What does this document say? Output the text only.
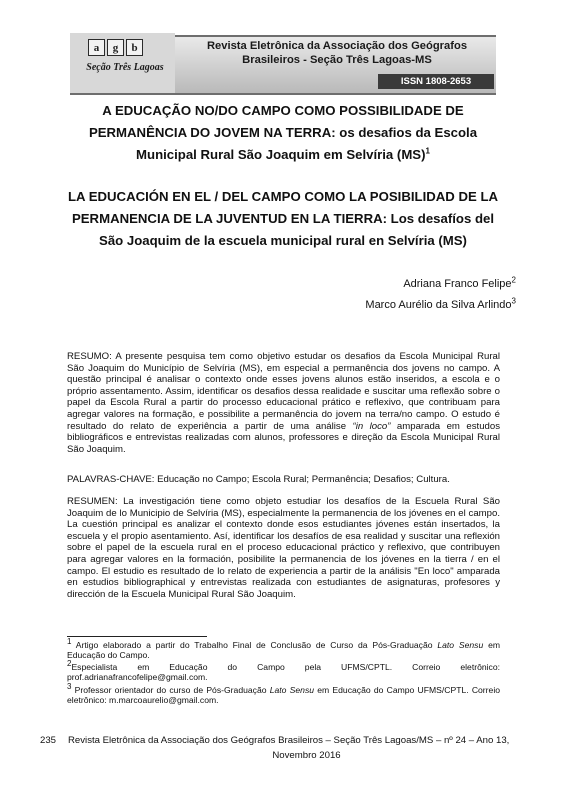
a	g	b
Seção Três Lagoas
Revista Eletrônica da Associação dos Geógrafos
Brasileiros - Seção Três Lagoas-MS
ISSN 1808-2653
A EDUCAÇÃO NO/DO CAMPO COMO POSSIBILIDADE DE PERMANÊNCIA DO JOVEM NA TERRA: os desafios da Escola Municipal Rural São Joaquim em Selvíria (MS)$^1$
LA EDUCACIÓN EN EL / DEL CAMPO COMO LA POSIBILIDAD DE LA PERMANENCIA DE LA JUVENTUD EN LA TIERRA: Los desafíos del São Joaquim de la escuela municipal rural en Selvíria (MS)
Adriana Franco Felipe$^2$
Marco Aurélio da Silva Arlindo$^3$
RESUMO: A presente pesquisa tem como objetivo estudar os desafios da Escola Municipal Rural São Joaquim do Município de Selvíria (MS), em especial a permanência dos jovens no campo. A questão principal é analisar o contexto onde esses jovens alunos estão inseridos, a escola e o próprio assentamento. Assim, identificar os desafios dessa realidade e suscitar uma reflexão sobre o papel da Escola Rural a partir do processo educacional prático e reflexivo, que contribuam para agregar valores na formação, e possibilite a permanência do jovem na terra/no campo. O estudo é resultado do relato de experiência a partir de uma análise “in loco” amparada em estudos bibliográficos e entrevistas realizadas com alunos, professores e direção da Escola Municipal Rural São Joaquim.
PALAVRAS-CHAVE: Educação no Campo; Escola Rural; Permanência; Desafios; Cultura.
RESUMEN: La investigación tiene como objeto estudiar los desafíos de la Escuela Rural São Joaquim de lo Municipio de Selvíria (MS), especialmente la permanencia de los jóvenes en el campo. La cuestión principal es analizar el contexto donde esos estudiantes jóvenes están insertados, la escuela y el propio asentamiento. Así, identificar los desafíos de esa realidad y suscitar una reflexión sobre el papel de la escuela rural en el proceso educacional práctico y reflexivo, que contribuyen para agregar valores en la formación, posibilite la permanencia de los jóvenes en la tierra / en el campo. El estudio es resultado de lo relato de experiencia a partir de la análisis "En loco" amparada en estudios bibliographical y entrevistas realizada con estudiantes de asignaturas, profesores y dirección de la Escuela Municipal Rural São Joaquim.
$^1$ Artigo elaborado a partir do Trabalho Final de Conclusão de Curso da Pós-Graduação Lato Sensu em Educação do Campo.
$^2$Especialista em Educação do Campo pela UFMS/CPTL. Correio eletrônico: prof.adrianafrancofelipe@gmail.com.
$^3$ Professor orientador do curso de Pós-Graduação Lato Sensu em Educação do Campo UFMS/CPTL. Correio eletrônico: m.marcoaurelio@gmail.com.
235	Revista Eletrônica da Associação dos Geógrafos Brasileiros – Seção Três Lagoas/MS – nº 24 – Ano 13,
Novembro 2016
